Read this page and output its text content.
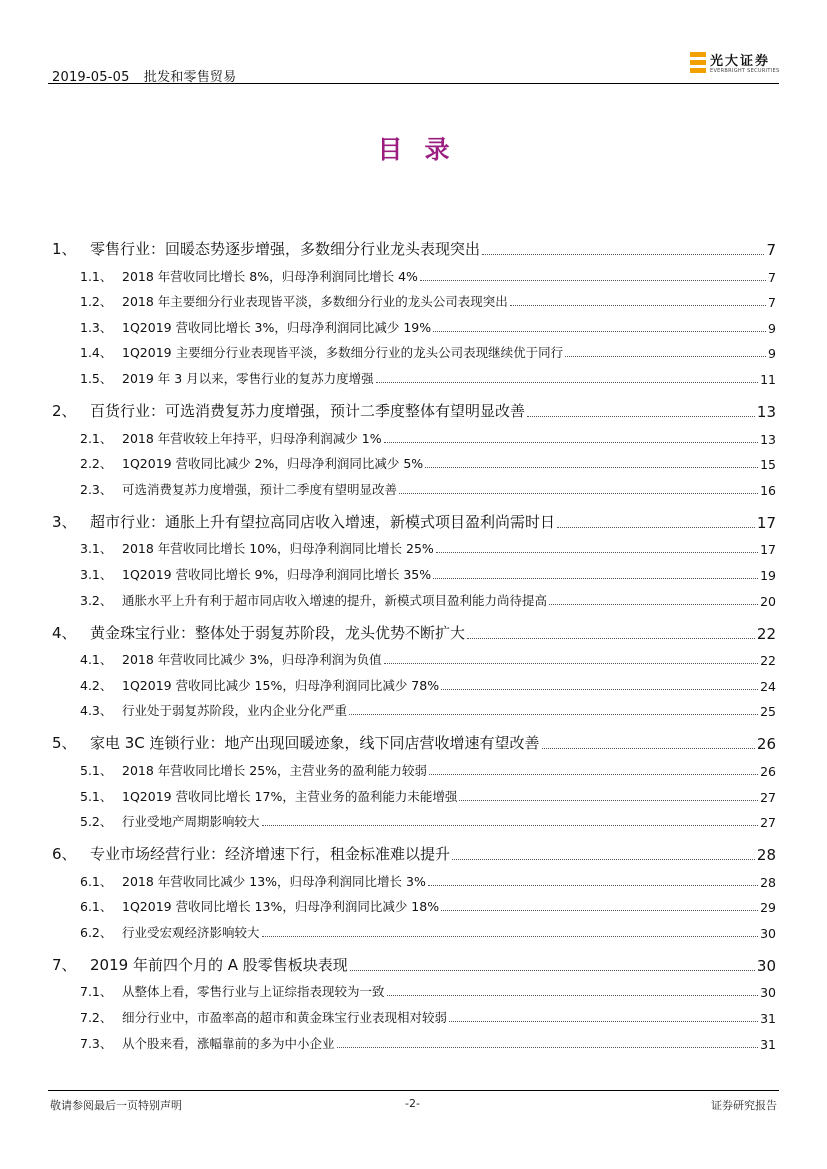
2019-05-05 批发和零售贸易
光大证券
EVERBRIGHT SECURITIES
目录
1、 零售行业：回暖态势逐步增强，多数细分行业龙头表现突出	7
1.1、 2018 年营收同比增长 8%，归母净利润同比增长 4%	7
1.2、 2018 年主要细分行业表现皆平淡，多数细分行业的龙头公司表现突出	7
1.3、 1Q2019 营收同比增长 3%，归母净利润同比减少 19%	9
1.4、 1Q2019 主要细分行业表现皆平淡，多数细分行业的龙头公司表现继续优于同行	9
1.5、 2019 年 3 月以来，零售行业的复苏力度增强	11
2、 百货行业：可选消费复苏力度增强，预计二季度整体有望明显改善	13
2.1、 2018 年营收较上年持平，归母净利润减少 1%	13
2.2、 1Q2019 营收同比减少 2%，归母净利润同比减少 5%	15
2.3、 可选消费复苏力度增强，预计二季度有望明显改善	16
3、 超市行业：通胀上升有望拉高同店收入增速，新模式项目盈利尚需时日	17
3.1、 2018 年营收同比增长 10%，归母净利润同比增长 25%	17
3.1、 1Q2019 营收同比增长 9%，归母净利润同比增长 35%	19
3.2、 通胀水平上升有利于超市同店收入增速的提升，新模式项目盈利能力尚待提高	20
4、 黄金珠宝行业：整体处于弱复苏阶段，龙头优势不断扩大	22
4.1、 2018 年营收同比减少 3%，归母净利润为负值	22
4.2、 1Q2019 营收同比减少 15%，归母净利润同比减少 78%	24
4.3、 行业处于弱复苏阶段，业内企业分化严重	25
5、 家电 3C 连锁行业：地产出现回暖迹象，线下同店营收增速有望改善	26
5.1、 2018 年营收同比增长 25%，主营业务的盈利能力较弱	26
5.1、 1Q2019 营收同比增长 17%，主营业务的盈利能力未能增强	27
5.2、 行业受地产周期影响较大	27
6、 专业市场经营行业：经济增速下行，租金标准难以提升	28
6.1、 2018 年营收同比减少 13%，归母净利润同比增长 3%	28
6.1、 1Q2019 营收同比增长 13%，归母净利润同比减少 18%	29
6.2、 行业受宏观经济影响较大	30
7、 2019 年前四个月的 A 股零售板块表现	30
7.1、 从整体上看，零售行业与上证综指表现较为一致	30
7.2、 细分行业中，市盈率高的超市和黄金珠宝行业表现相对较弱	31
7.3、 从个股来看，涨幅靠前的多为中小企业	31
敬请参阅最后一页特别声明	-2-	证券研究报告
